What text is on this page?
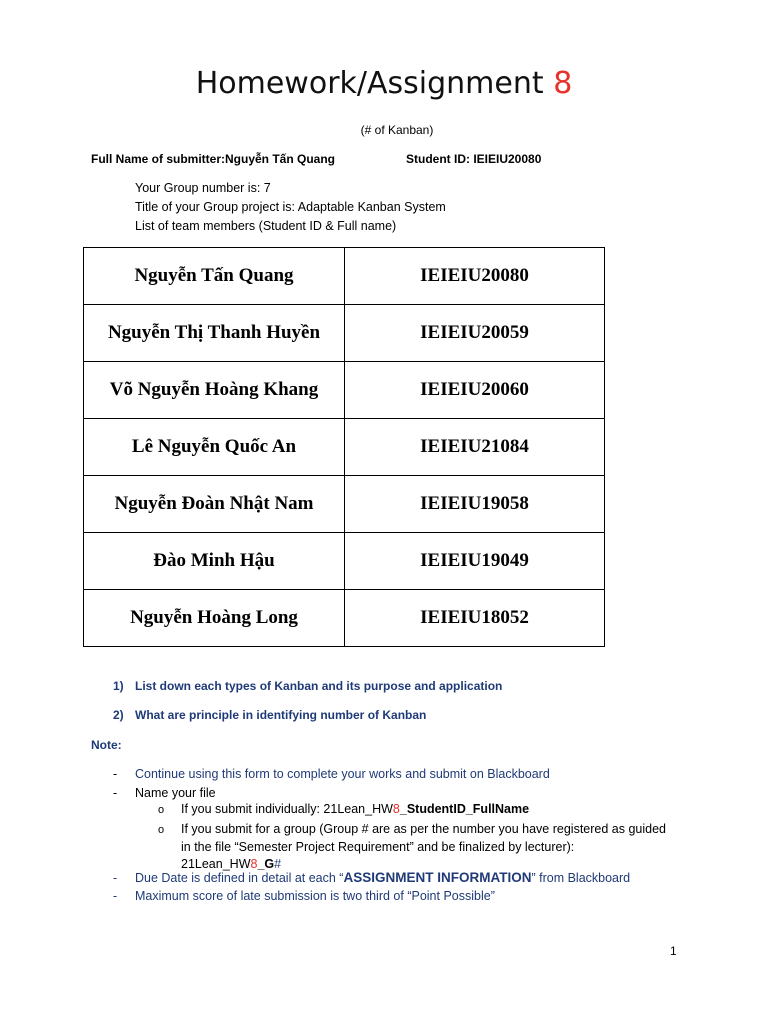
Homework/Assignment 8
(# of Kanban)
Full Name of submitter:Nguyễn Tấn Quang	Student ID: IEIEIU20080
Your Group number is: 7
Title of your Group project is: Adaptable Kanban System
List of team members (Student ID & Full name)
Nguyễn Tấn Quang	IEIEIU20080
Nguyễn Thị Thanh Huyền	IEIEIU20059
Võ Nguyễn Hoàng Khang	IEIEIU20060
Lê Nguyễn Quốc An	IEIEIU21084
Nguyễn Đoàn Nhật Nam	IEIEIU19058
Đào Minh Hậu	IEIEIU19049
Nguyễn Hoàng Long	IEIEIU18052
1) List down each types of Kanban and its purpose and application
2) What are principle in identifying number of Kanban
Note:
- Continue using this form to complete your works and submit on Blackboard
- Name your file
o If you submit individually: 21Lean_HW8_StudentID_FullName
o If you submit for a group (Group # are as per the number you have registered as guided
in the file “Semester Project Requirement” and be finalized by lecturer):
21Lean_HW8_G#
- Due Date is defined in detail at each “ASSIGNMENT INFORMATION” from Blackboard
- Maximum score of late submission is two third of “Point Possible”
1
